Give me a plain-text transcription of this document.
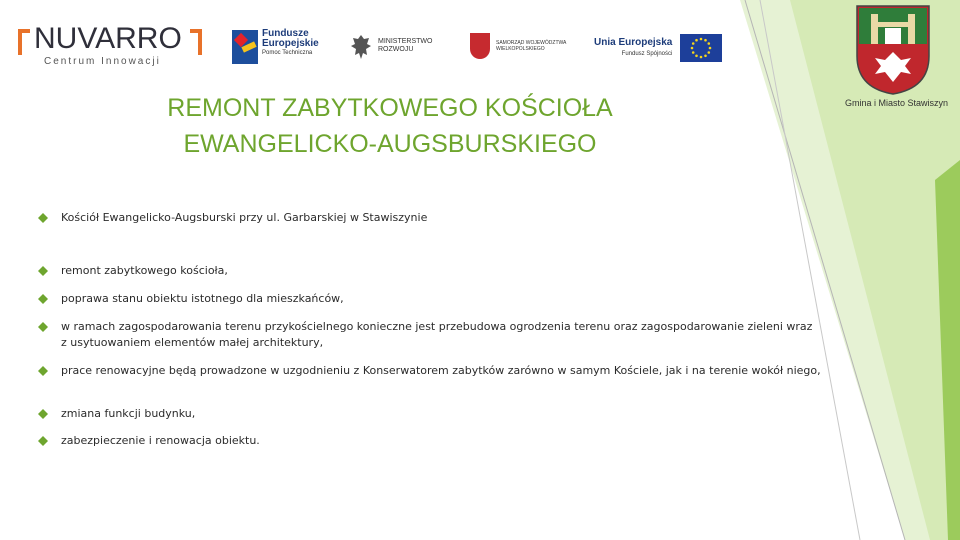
NUVARRO
Centrum Innowacji
Fundusze
Europejskie
Pomoc Techniczna
MINISTERSTWO
ROZWOJU
SAMORZĄD WOJEWÓDZTWA
WIELKOPOLSKIEGO
Unia Europejska
Fundusz Spójności
Gmina i Miasto Stawiszyn
REMONT ZABYTKOWEGO KOŚCIOŁA
EWANGELICKO-AUGSBURSKIEGO
Kościół Ewangelicko-Augsburski przy ul. Garbarskiej w Stawiszynie
remont zabytkowego kościoła,
poprawa stanu obiektu istotnego dla mieszkańców,
w ramach zagospodarowania terenu przykościelnego konieczne jest przebudowa ogrodzenia terenu oraz zagospodarowanie zieleni wraz z usytuowaniem elementów małej architektury,
prace renowacyjne będą prowadzone w uzgodnieniu z Konserwatorem zabytków zarówno w samym Kościele, jak i na terenie wokół niego,
zmiana funkcji budynku,
zabezpieczenie i renowacja obiektu.
